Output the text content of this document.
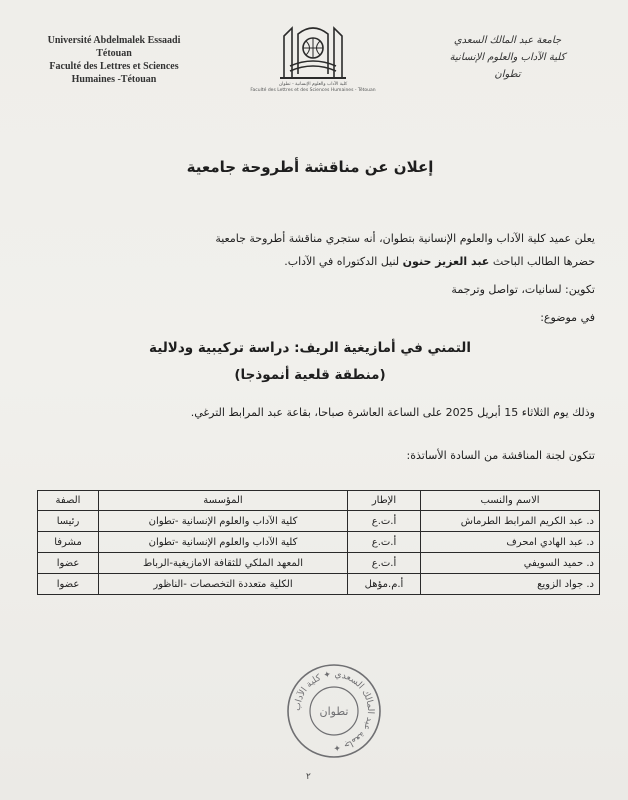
Université Abdelmalek Essaadi
Tétouan
Faculté des Lettres et Sciences
Humaines -Tétouan
جامعة عبد المالك السعدي
كلية الآداب والعلوم الإنسانية
تطوان
كلية الآداب والعلوم الإنسانية - تطوان
Faculté des Lettres et des Sciences Humaines - Tétouan
إعلان عن مناقشة أطروحة جامعية
يعلن عميد كلية الآداب والعلوم الإنسانية بتطوان، أنه ستجري مناقشة أطروحة جامعية
حضرها الطالب الباحث عبد العزيز حنون لنيل الدكتوراه في الآداب.
تكوين: لسانيات، تواصل وترجمة
في موضوع:
التمني في أمازيغية الريف: دراسة تركيبية ودلالية
(منطقة قلعية أنموذجا)
وذلك يوم الثلاثاء 15 أبريل 2025 على الساعة العاشرة صباحا، بقاعة عبد المرابط الترغي.
تتكون لجنة المناقشة من السادة الأساتذة:
الاسم والنسب	الإطار	المؤسسة	الصفة
د. عبد الكريم المرابط الطرماش	أ.ت.ع	كلية الآداب والعلوم الإنسانية -تطوان	رئيسا
د. عبد الهادي امحرف	أ.ت.ع	كلية الآداب والعلوم الإنسانية -تطوان	مشرفا
د. حميد السويفي	أ.ت.ع	المعهد الملكي للثقافة الامازيغية-الرباط	عضوا
د. جواد الزويع	أ.م.مؤهل	الكلية متعددة التخصصات -الناظور	عضوا
جامعة عبد المالك السعدي ✦ كلية الآداب ✦
تطوان
٢
